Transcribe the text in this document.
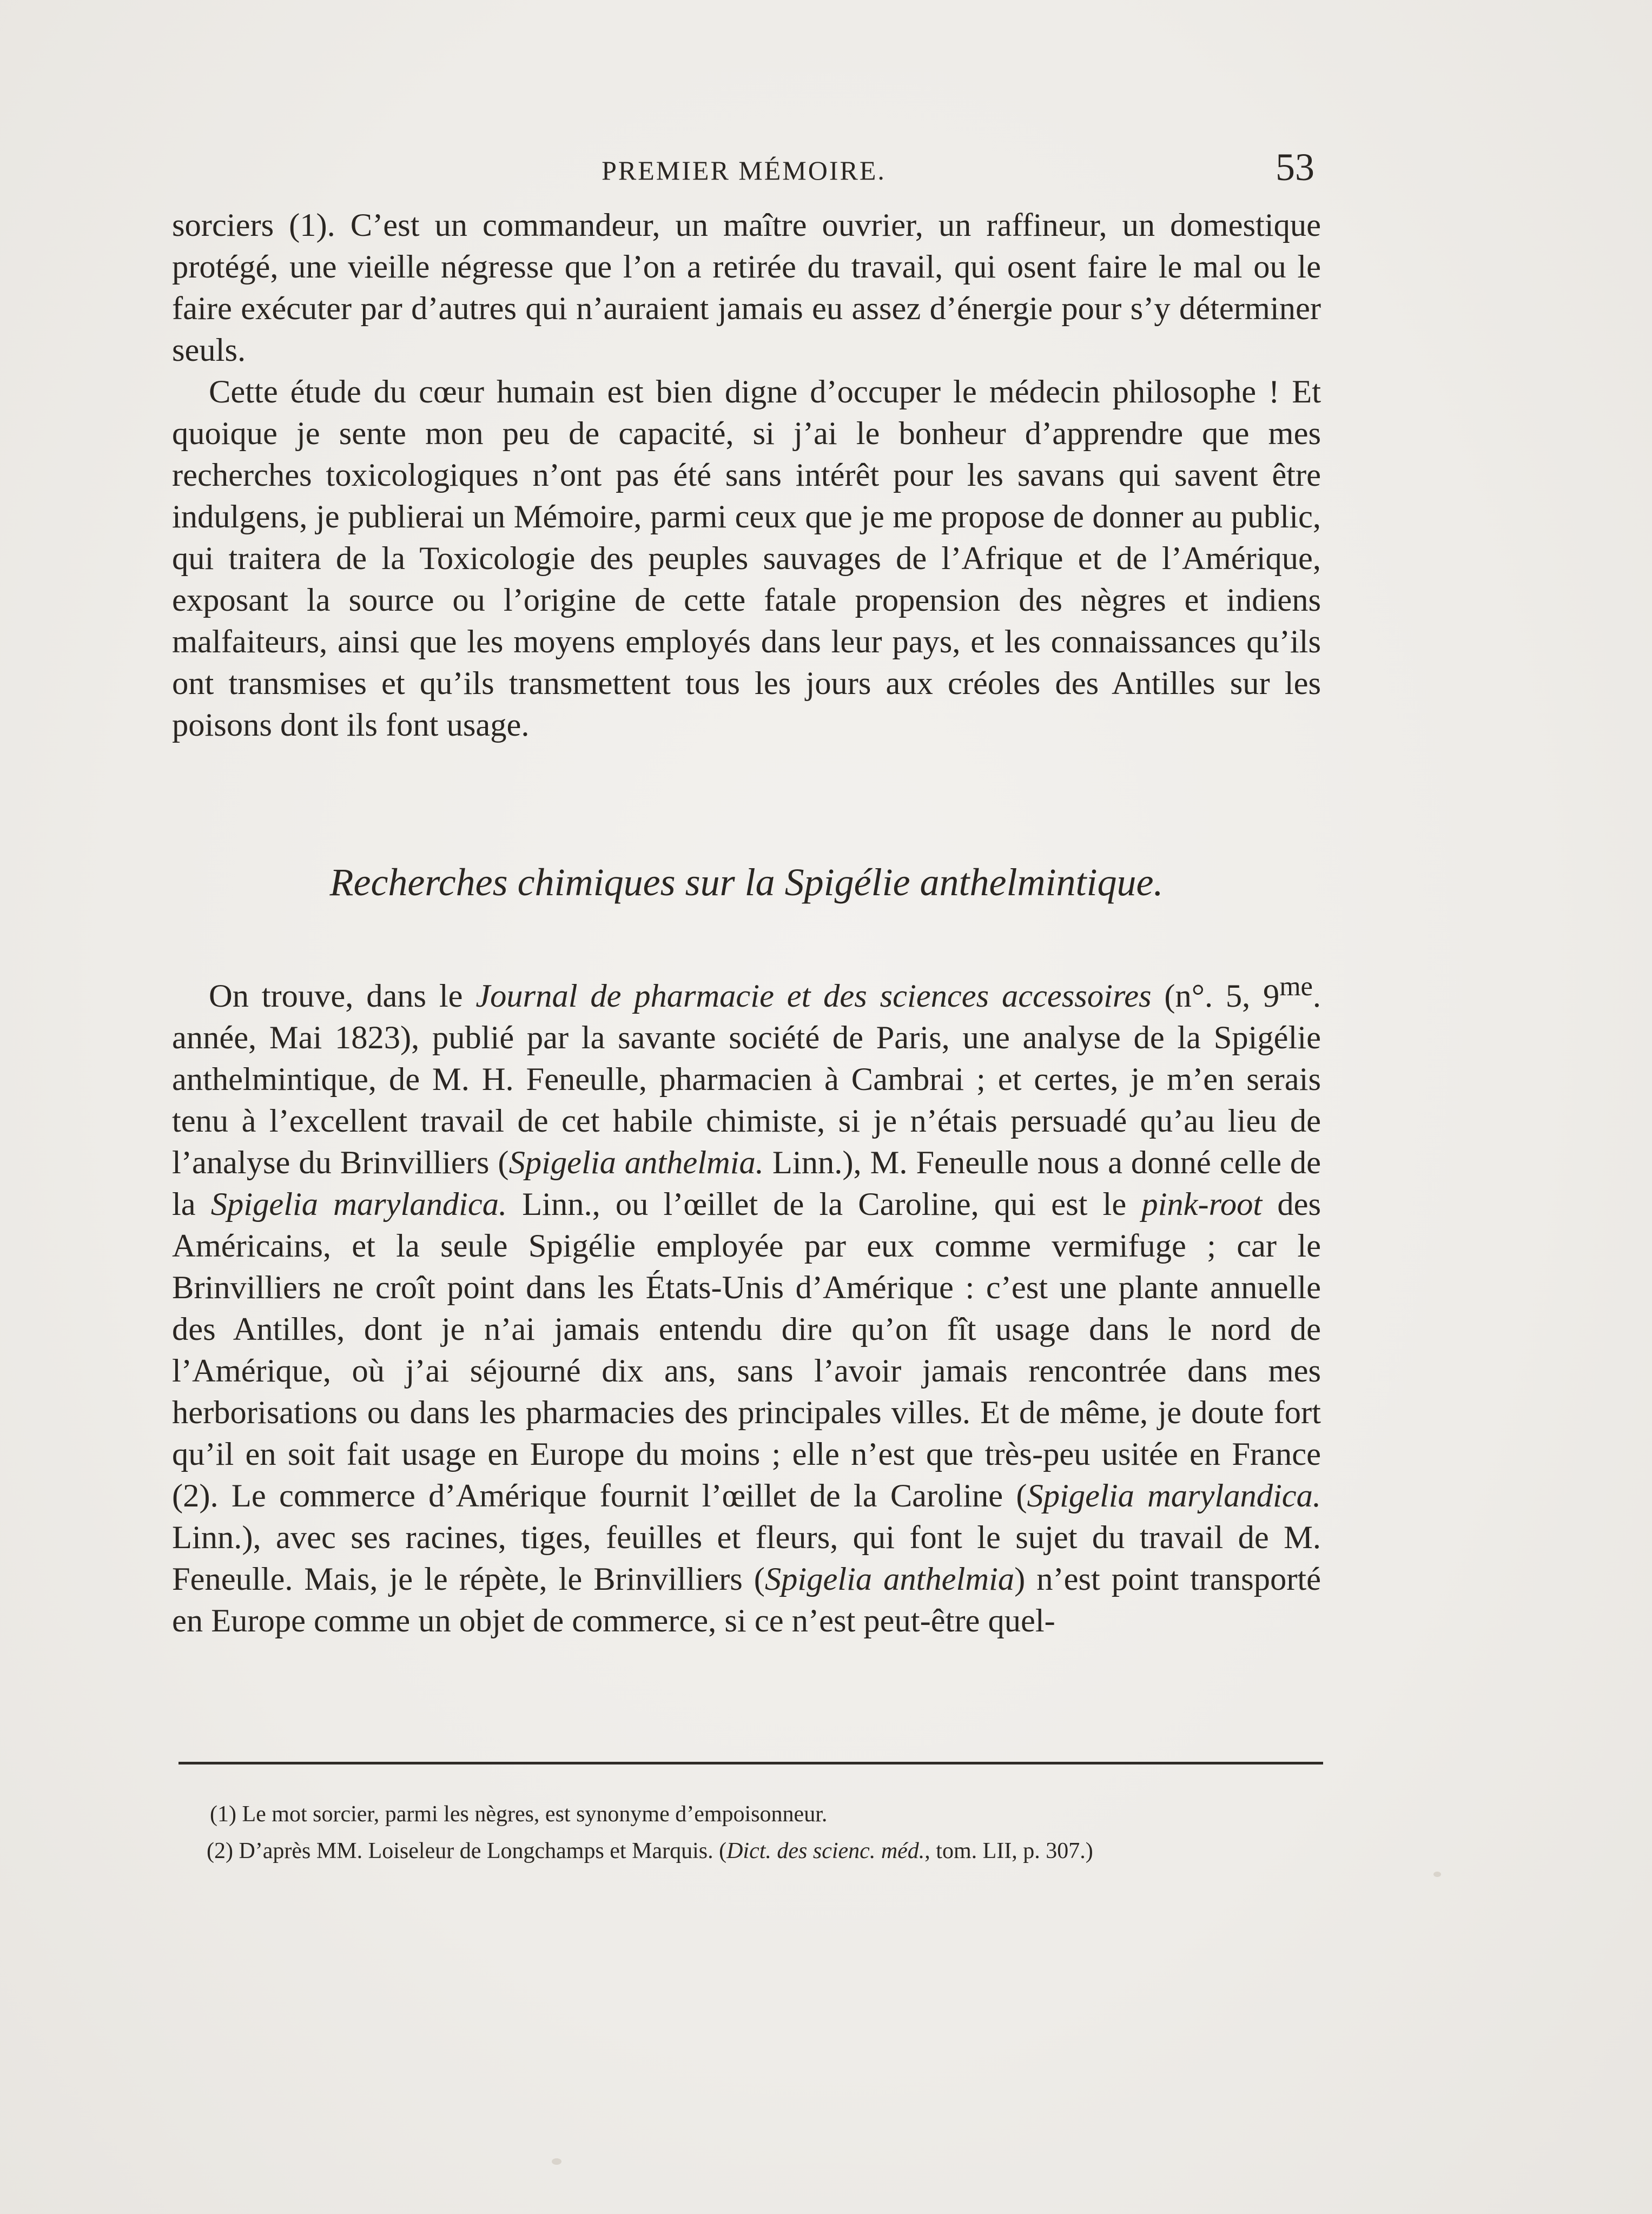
PREMIER MÉMOIRE.	53

sorciers (1). C’est un commandeur, un maître ouvrier, un raffineur, un domestique protégé, une vieille négresse que l’on a retirée du travail, qui osent faire le mal ou le faire exécuter par d’autres qui n’auraient jamais eu assez d’énergie pour s’y déterminer seuls.

Cette étude du cœur humain est bien digne d’occuper le médecin philosophe ! Et quoique je sente mon peu de capacité, si j’ai le bonheur d’apprendre que mes recherches toxicologiques n’ont pas été sans intérêt pour les savans qui savent être indulgens, je publierai un Mémoire, parmi ceux que je me propose de donner au public, qui traitera de la Toxicologie des peuples sauvages de l’Afrique et de l’Amérique, exposant la source ou l’origine de cette fatale propension des nègres et indiens malfaiteurs, ainsi que les moyens employés dans leur pays, et les connaissances qu’ils ont transmises et qu’ils transmettent tous les jours aux créoles des Antilles sur les poisons dont ils font usage.

Recherches chimiques sur la Spigélie anthelmintique.

On trouve, dans le Journal de pharmacie et des sciences accessoires (n°. 5, $9^{me}$. année, Mai 1823), publié par la savante société de Paris, une analyse de la Spigélie anthelmintique, de M. H. Feneulle, pharmacien à Cambrai ; et certes, je m’en serais tenu à l’excellent travail de cet habile chimiste, si je n’étais persuadé qu’au lieu de l’analyse du Brinvilliers (Spigelia anthelmia. Linn.), M. Feneulle nous a donné celle de la Spigelia marylandica. Linn., ou l’œillet de la Caroline, qui est le pink-root des Américains, et la seule Spigélie employée par eux comme vermifuge ; car le Brinvilliers ne croît point dans les États-Unis d’Amérique : c’est une plante annuelle des Antilles, dont je n’ai jamais entendu dire qu’on fît usage dans le nord de l’Amérique, où j’ai séjourné dix ans, sans l’avoir jamais rencontrée dans mes herborisations ou dans les pharmacies des principales villes. Et de même, je doute fort qu’il en soit fait usage en Europe du moins ; elle n’est que très-peu usitée en France (2). Le commerce d’Amérique fournit l’œillet de la Caroline (Spigelia marylandica. Linn.), avec ses racines, tiges, feuilles et fleurs, qui font le sujet du travail de M. Feneulle. Mais, je le répète, le Brinvilliers (Spigelia anthelmia) n’est point transporté en Europe comme un objet de commerce, si ce n’est peut-être quel-

(1) Le mot sorcier, parmi les nègres, est synonyme d’empoisonneur.
(2) D’après MM. Loiseleur de Longchamps et Marquis. (Dict. des scienc. méd., tom. LII, p. 307.)
